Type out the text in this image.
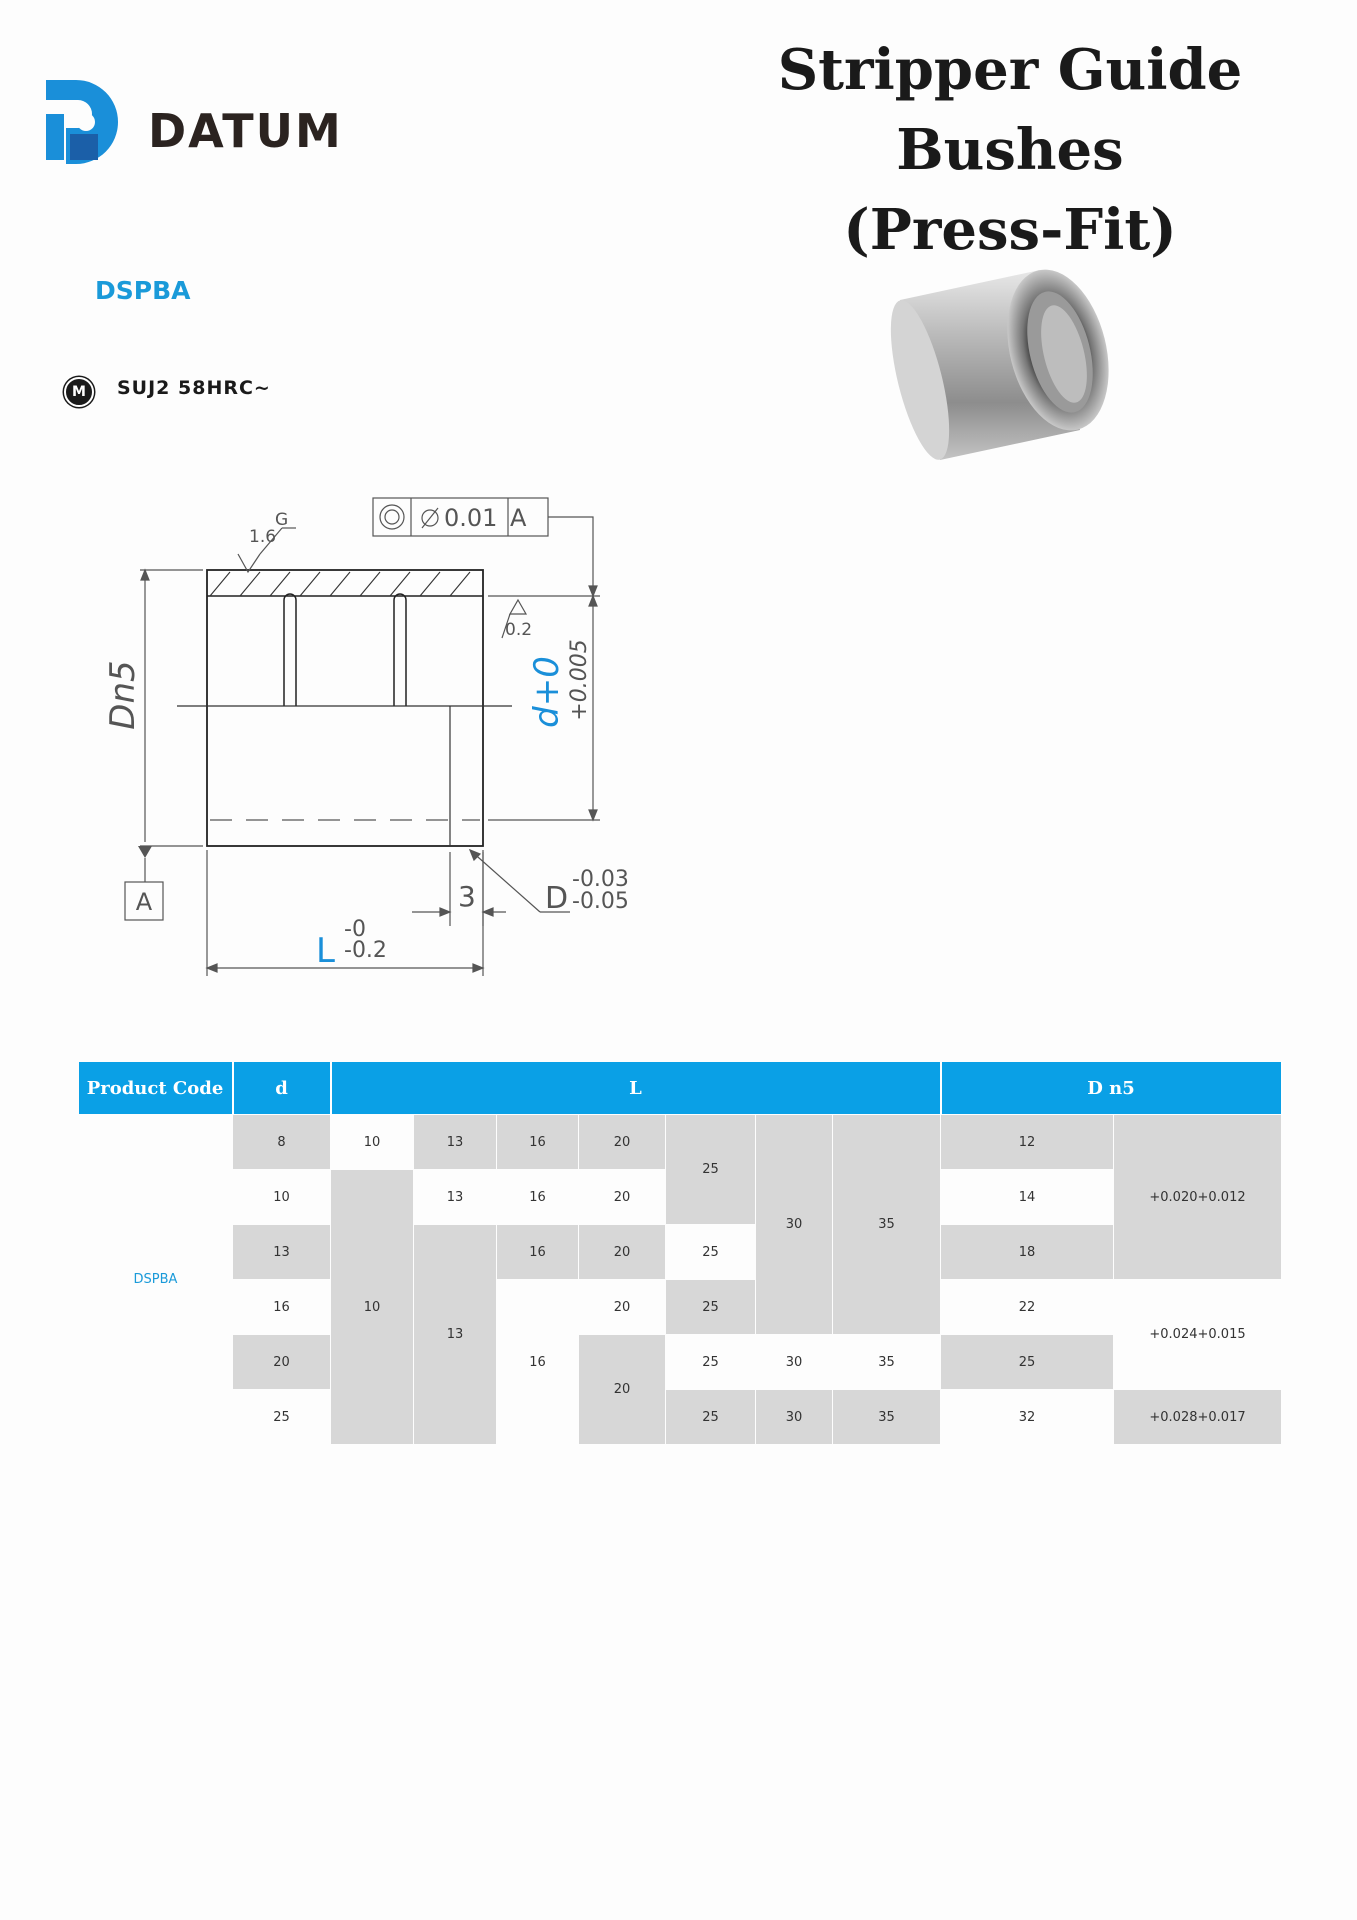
DATUM
Stripper Guide Bushes
(Press-Fit)
DSPBA
M	SUJ2 58HRC~
A
Dn5	d+0 +0.005
1.6
G	0.01 A
0.2
3 D
-0.03
-0.05
L
-0
-0.2
Product Code	d	L							D n5	
DSPBA	8	10	13	16	20	25	30	35	12	+0.020+0.012
	10	10	13	16	20				14	
	13		13	16	20	25			18	
	16			16	20	25			22	+0.024+0.015
	20				20	25	30	35	25	
	25					25	30	35	32	+0.028+0.017
